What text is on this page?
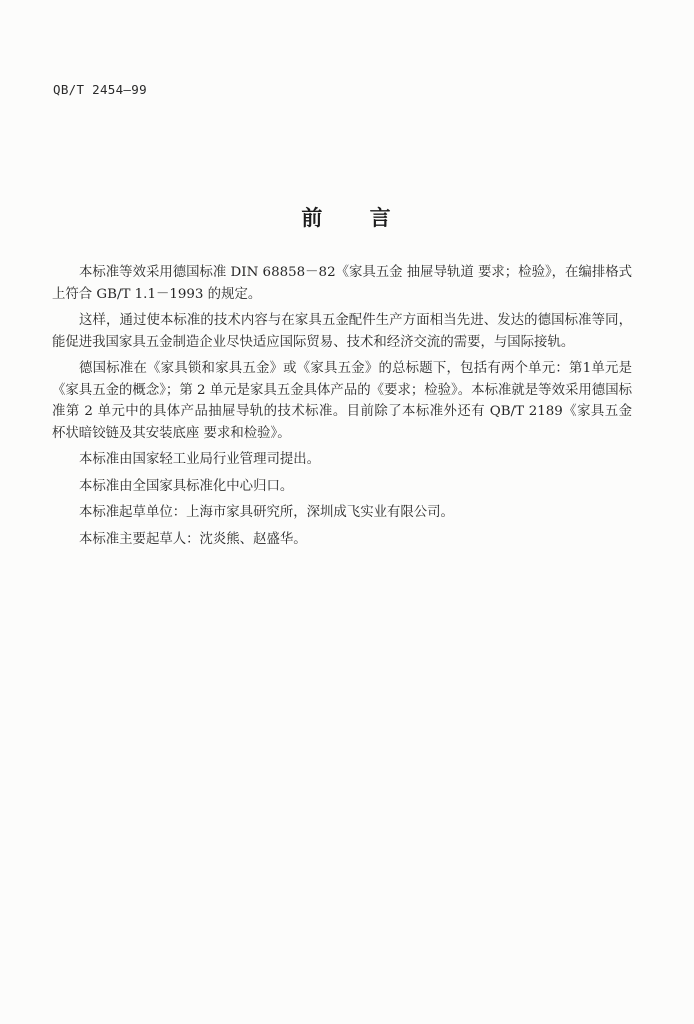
QB/T 2454—99
前 言

本标准等效采用德国标准 DIN 68858－82《家具五金 抽屉导轨道 要求；检验》，在编排格式上符合 GB/T 1.1－1993 的规定。

这样，通过使本标准的技术内容与在家具五金配件生产方面相当先进、发达的德国标准等同，能促进我国家具五金制造企业尽快适应国际贸易、技术和经济交流的需要，与国际接轨。

德国标准在《家具锁和家具五金》或《家具五金》的总标题下，包括有两个单元：第1单元是《家具五金的概念》；第 2 单元是家具五金具体产品的《要求；检验》。本标准就是等效采用德国标准第 2 单元中的具体产品抽屉导轨的技术标准。目前除了本标准外还有 QB/T 2189《家具五金 杯状暗铰链及其安装底座 要求和检验》。

本标准由国家轻工业局行业管理司提出。

本标准由全国家具标准化中心归口。

本标准起草单位：上海市家具研究所，深圳成飞实业有限公司。

本标准主要起草人：沈炎熊、赵盛华。
